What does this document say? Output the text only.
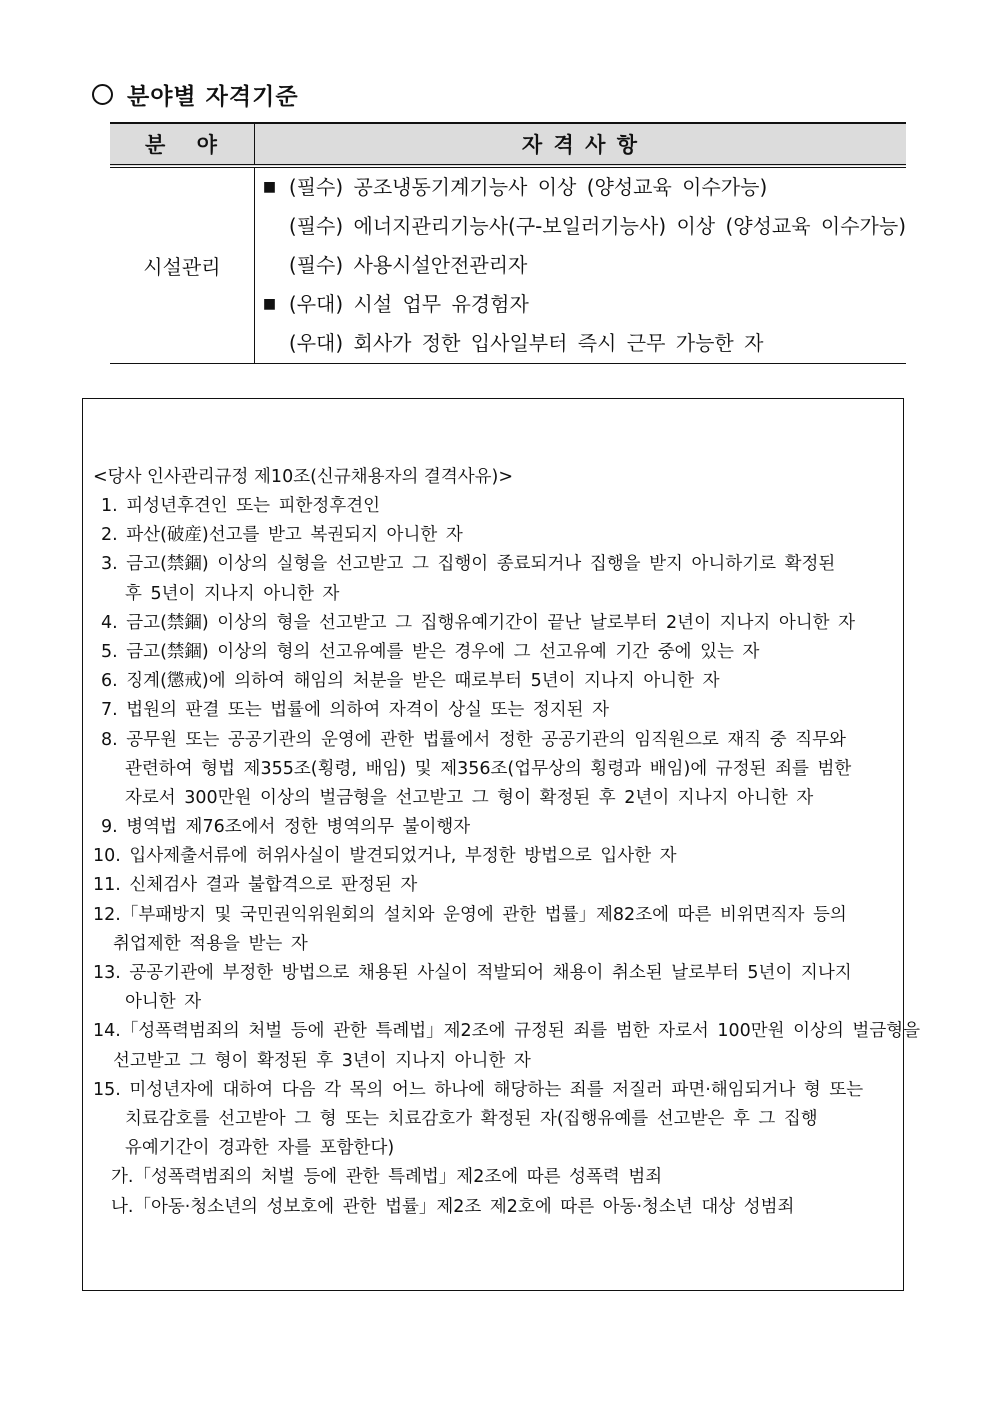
분야별 자격기준
분 야	자 격 사 항
시설관리	■ (필수) 공조냉동기계기능사 이상 (양성교육 이수가능)
(필수) 에너지관리기능사(구-보일러기능사) 이상 (양성교육 이수가능)
(필수) 사용시설안전관리자
■ (우대) 시설 업무 유경험자
(우대) 회사가 정한 입사일부터 즉시 근무 가능한 자
<당사 인사관리규정 제10조(신규채용자의 결격사유)>
1. 피성년후견인 또는 피한정후견인
2. 파산(破産)선고를 받고 복권되지 아니한 자
3. 금고(禁錮) 이상의 실형을 선고받고 그 집행이 종료되거나 집행을 받지 아니하기로 확정된
후 5년이 지나지 아니한 자
4. 금고(禁錮) 이상의 형을 선고받고 그 집행유예기간이 끝난 날로부터 2년이 지나지 아니한 자
5. 금고(禁錮) 이상의 형의 선고유예를 받은 경우에 그 선고유예 기간 중에 있는 자
6. 징계(懲戒)에 의하여 해임의 처분을 받은 때로부터 5년이 지나지 아니한 자
7. 법원의 판결 또는 법률에 의하여 자격이 상실 또는 정지된 자
8. 공무원 또는 공공기관의 운영에 관한 법률에서 정한 공공기관의 임직원으로 재직 중 직무와
관련하여 형법 제355조(횡령, 배임) 및 제356조(업무상의 횡령과 배임)에 규정된 죄를 범한
자로서 300만원 이상의 벌금형을 선고받고 그 형이 확정된 후 2년이 지나지 아니한 자
9. 병역법 제76조에서 정한 병역의무 불이행자
10. 입사제출서류에 허위사실이 발견되었거나, 부정한 방법으로 입사한 자
11. 신체검사 결과 불합격으로 판정된 자
12.「부패방지 및 국민권익위원회의 설치와 운영에 관한 법률」제82조에 따른 비위면직자 등의
취업제한 적용을 받는 자
13. 공공기관에 부정한 방법으로 채용된 사실이 적발되어 채용이 취소된 날로부터 5년이 지나지
아니한 자
14.「성폭력범죄의 처벌 등에 관한 특례법」제2조에 규정된 죄를 범한 자로서 100만원 이상의 벌금형을
선고받고 그 형이 확정된 후 3년이 지나지 아니한 자
15. 미성년자에 대하여 다음 각 목의 어느 하나에 해당하는 죄를 저질러 파면·해임되거나 형 또는
치료감호를 선고받아 그 형 또는 치료감호가 확정된 자(집행유예를 선고받은 후 그 집행
유예기간이 경과한 자를 포함한다)
가.「성폭력범죄의 처벌 등에 관한 특례법」제2조에 따른 성폭력 범죄
나.「아동·청소년의 성보호에 관한 법률」제2조 제2호에 따른 아동·청소년 대상 성범죄
